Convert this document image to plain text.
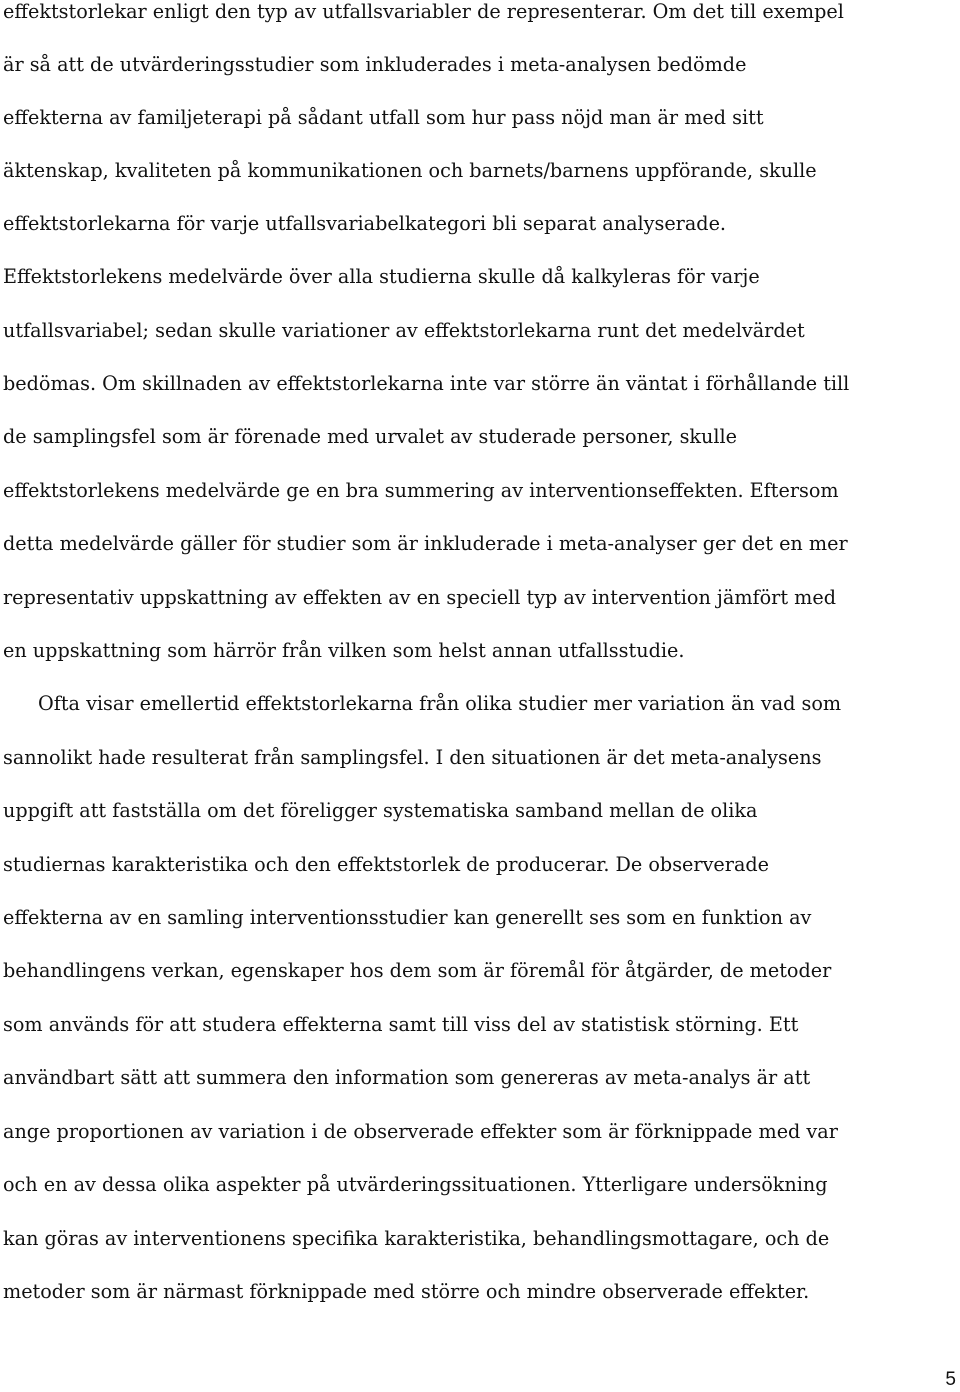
effektstorlekar enligt den typ av utfallsvariabler de representerar. Om det till exempel
är så att de utvärderingsstudier som inkluderades i meta-analysen bedömde
effekterna av familjeterapi på sådant utfall som hur pass nöjd man är med sitt
äktenskap, kvaliteten på kommunikationen och barnets/barnens uppförande, skulle
effektstorlekarna för varje utfallsvariabelkategori bli separat analyserade.
Effektstorlekens medelvärde över alla studierna skulle då kalkyleras för varje
utfallsvariabel; sedan skulle variationer av effektstorlekarna runt det medelvärdet
bedömas. Om skillnaden av effektstorlekarna inte var större än väntat i förhållande till
de samplingsfel som är förenade med urvalet av studerade personer, skulle
effektstorlekens medelvärde ge en bra summering av interventionseffekten. Eftersom
detta medelvärde gäller för studier som är inkluderade i meta-analyser ger det en mer
representativ uppskattning av effekten av en speciell typ av intervention jämfört med
en uppskattning som härrör från vilken som helst annan utfallsstudie.
Ofta visar emellertid effektstorlekarna från olika studier mer variation än vad som
sannolikt hade resulterat från samplingsfel. I den situationen är det meta-analysens
uppgift att fastställa om det föreligger systematiska samband mellan de olika
studiernas karakteristika och den effektstorlek de producerar. De observerade
effekterna av en samling interventionsstudier kan generellt ses som en funktion av
behandlingens verkan, egenskaper hos dem som är föremål för åtgärder, de metoder
som används för att studera effekterna samt till viss del av statistisk störning. Ett
användbart sätt att summera den information som genereras av meta-analys är att
ange proportionen av variation i de observerade effekter som är förknippade med var
och en av dessa olika aspekter på utvärderingssituationen. Ytterligare undersökning
kan göras av interventionens specifika karakteristika, behandlingsmottagare, och de
metoder som är närmast förknippade med större och mindre observerade effekter.
5
